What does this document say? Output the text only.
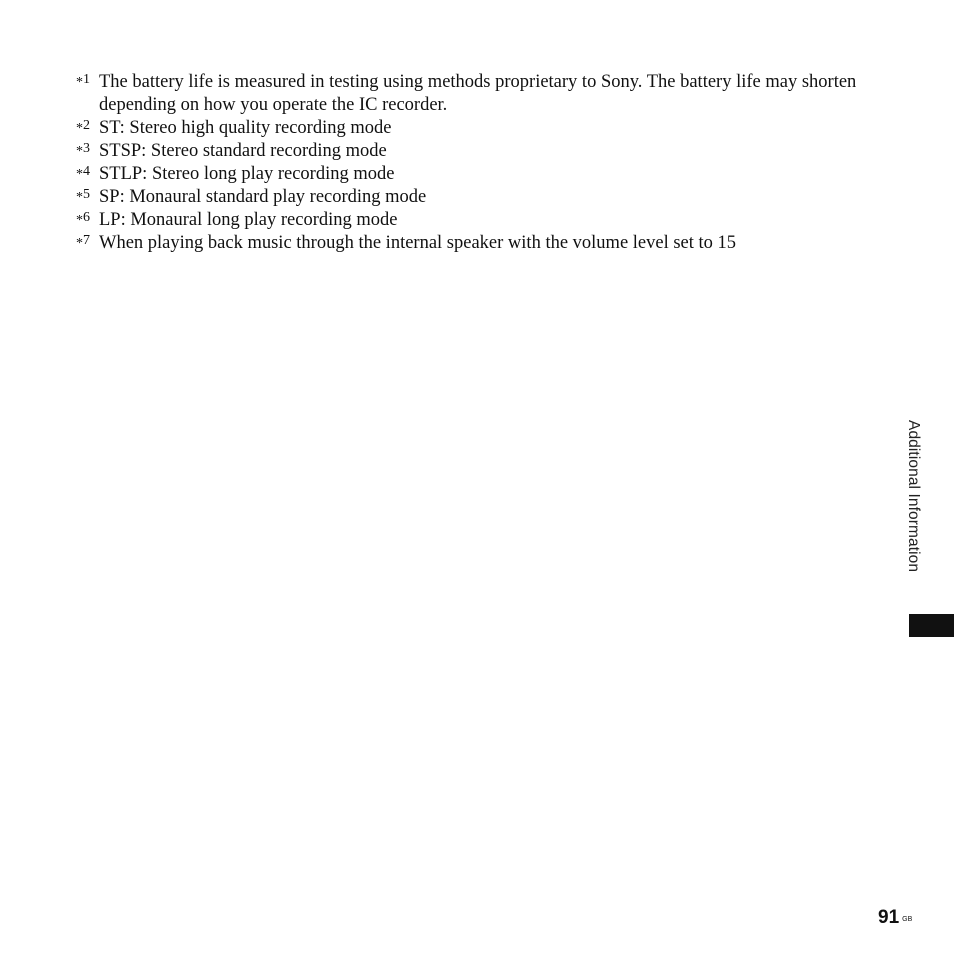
*1 The battery life is measured in testing using methods proprietary to Sony. The battery life may shorten depending on how you operate the IC recorder.
*2 ST: Stereo high quality recording mode
*3 STSP: Stereo standard recording mode
*4 STLP: Stereo long play recording mode
*5 SP: Monaural standard play recording mode
*6 LP: Monaural long play recording mode
*7 When playing back music through the internal speaker with the volume level set to 15
Additional Information
91 $^{GB}$
